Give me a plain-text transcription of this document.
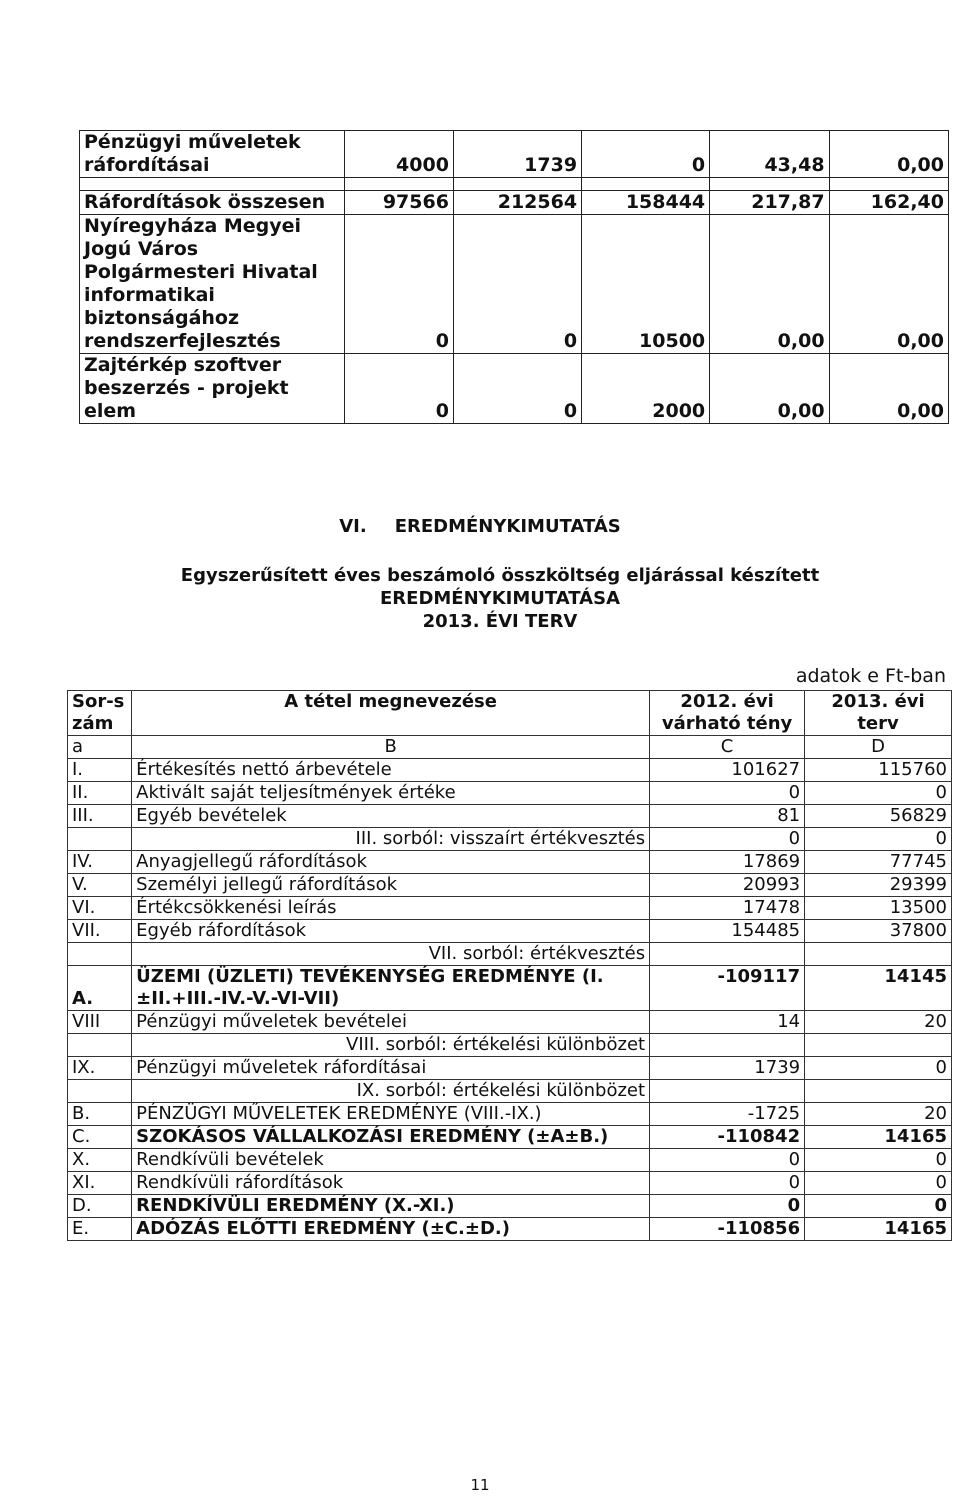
Pénzügyi műveletek ráfordításai	4000	1739	0	43,48	0,00

Ráfordítások összesen	97566	212564	158444	217,87	162,40
Nyíregyháza Megyei Jogú Város Polgármesteri Hivatal informatikai biztonságához rendszerfejlesztés	0	0	10500	0,00	0,00
Zajtérkép szoftver beszerzés - projekt elem	0	0	2000	0,00	0,00
VI. EREDMÉNYKIMUTATÁS
Egyszerűsített éves beszámoló összköltség eljárással készített
EREDMÉNYKIMUTATÁSA
2013. ÉVI TERV
adatok e Ft-ban
Sor-szám	A tétel megnevezése	2012. évi várható tény	2013. évi terv
a	B	C	D
I.	Értékesítés nettó árbevétele	101627	115760
II.	Aktivált saját teljesítmények értéke	0	0
III.	Egyéb bevételek	81	56829
	III. sorból: visszaírt értékvesztés	0	0
IV.	Anyagjellegű ráfordítások	17869	77745
V.	Személyi jellegű ráfordítások	20993	29399
VI.	Értékcsökkenési leírás	17478	13500
VII.	Egyéb ráfordítások	154485	37800
	VII. sorból: értékvesztés		
A.	ÜZEMI (ÜZLETI) TEVÉKENYSÉG EREDMÉNYE (I.±II.+III.-IV.-V.-VI-VII)	-109117	14145
VIII	Pénzügyi műveletek bevételei	14	20
	VIII. sorból: értékelési különbözet		
IX.	Pénzügyi műveletek ráfordításai	1739	0
	IX. sorból: értékelési különbözet		
B.	PÉNZÜGYI MŰVELETEK EREDMÉNYE (VIII.-IX.)	-1725	20
C.	SZOKÁSOS VÁLLALKOZÁSI EREDMÉNY (±A±B.)	-110842	14165
X.	Rendkívüli bevételek	0	0
XI.	Rendkívüli ráfordítások	0	0
D.	RENDKÍVÜLI EREDMÉNY (X.-XI.)	0	0
E.	ADÓZÁS ELŐTTI EREDMÉNY (±C.±D.)	-110856	14165
11
